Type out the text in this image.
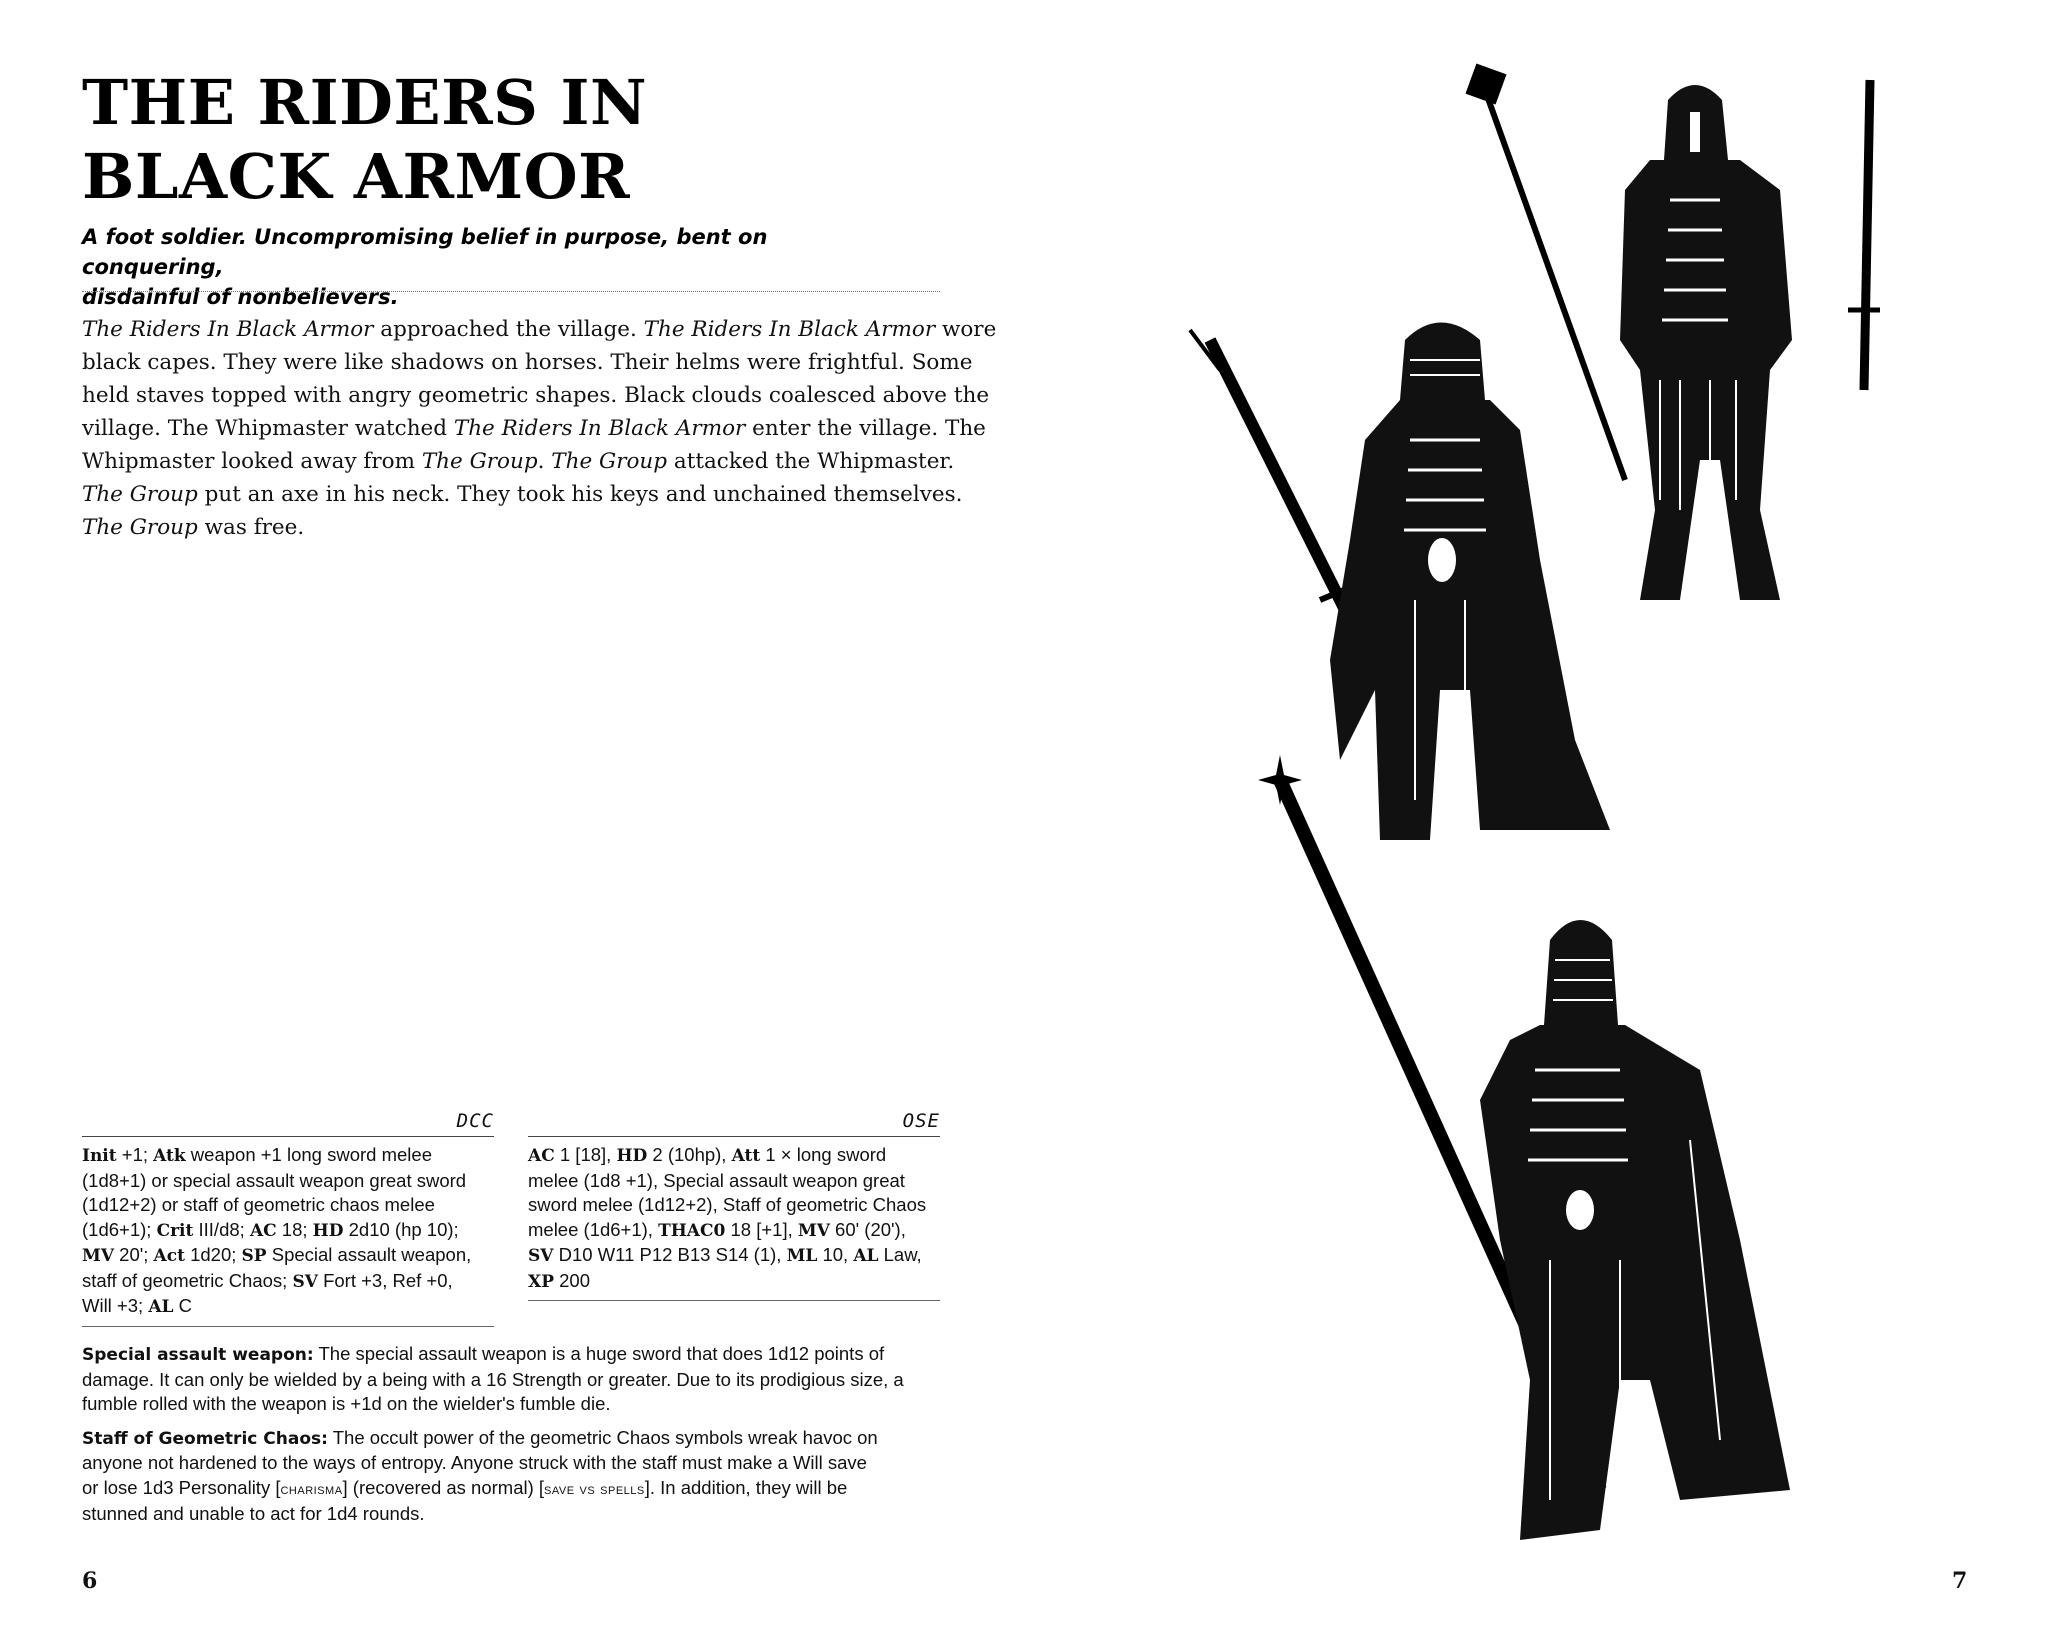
THE RIDERS IN
BLACK ARMOR
A foot soldier. Uncompromising belief in purpose, bent on conquering,
disdainful of nonbelievers.

The Riders In Black Armor approached the village. The Riders In Black Armor wore
black capes. They were like shadows on horses. Their helms were frightful. Some
held staves topped with angry geometric shapes. Black clouds coalesced above the
village. The Whipmaster watched The Riders In Black Armor enter the village. The
Whipmaster looked away from The Group. The Group attacked the Whipmaster.
The Group put an axe in his neck. They took his keys and unchained themselves.
The Group was free.

DCC
Init +1; Atk weapon +1 long sword melee
(1d8+1) or special assault weapon great sword
(1d12+2) or staff of geometric chaos melee
(1d6+1); Crit III/d8; AC 18; HD 2d10 (hp 10);
MV 20'; Act 1d20; SP Special assault weapon,
staff of geometric Chaos; SV Fort +3, Ref +0,
Will +3; AL C
OSE
AC 1 [18], HD 2 (10hp), Att 1 × long sword
melee (1d8 +1), Special assault weapon great
sword melee (1d12+2), Staff of geometric Chaos
melee (1d6+1), THAC0 18 [+1], MV 60' (20'),
SV D10 W11 P12 B13 S14 (1), ML 10, AL Law,
XP 200
Special assault weapon: The special assault weapon is a huge sword that does 1d12 points of
damage. It can only be wielded by a being with a 16 Strength or greater. Due to its prodigious size, a
fumble rolled with the weapon is +1d on the wielder's fumble die.
Staff of Geometric Chaos: The occult power of the geometric Chaos symbols wreak havoc on
anyone not hardened to the ways of entropy. Anyone struck with the staff must make a Will save
or lose 1d3 Personality [charisma] (recovered as normal) [save vs spells]. In addition, they will be
stunned and unable to act for 1d4 rounds.
6	7
